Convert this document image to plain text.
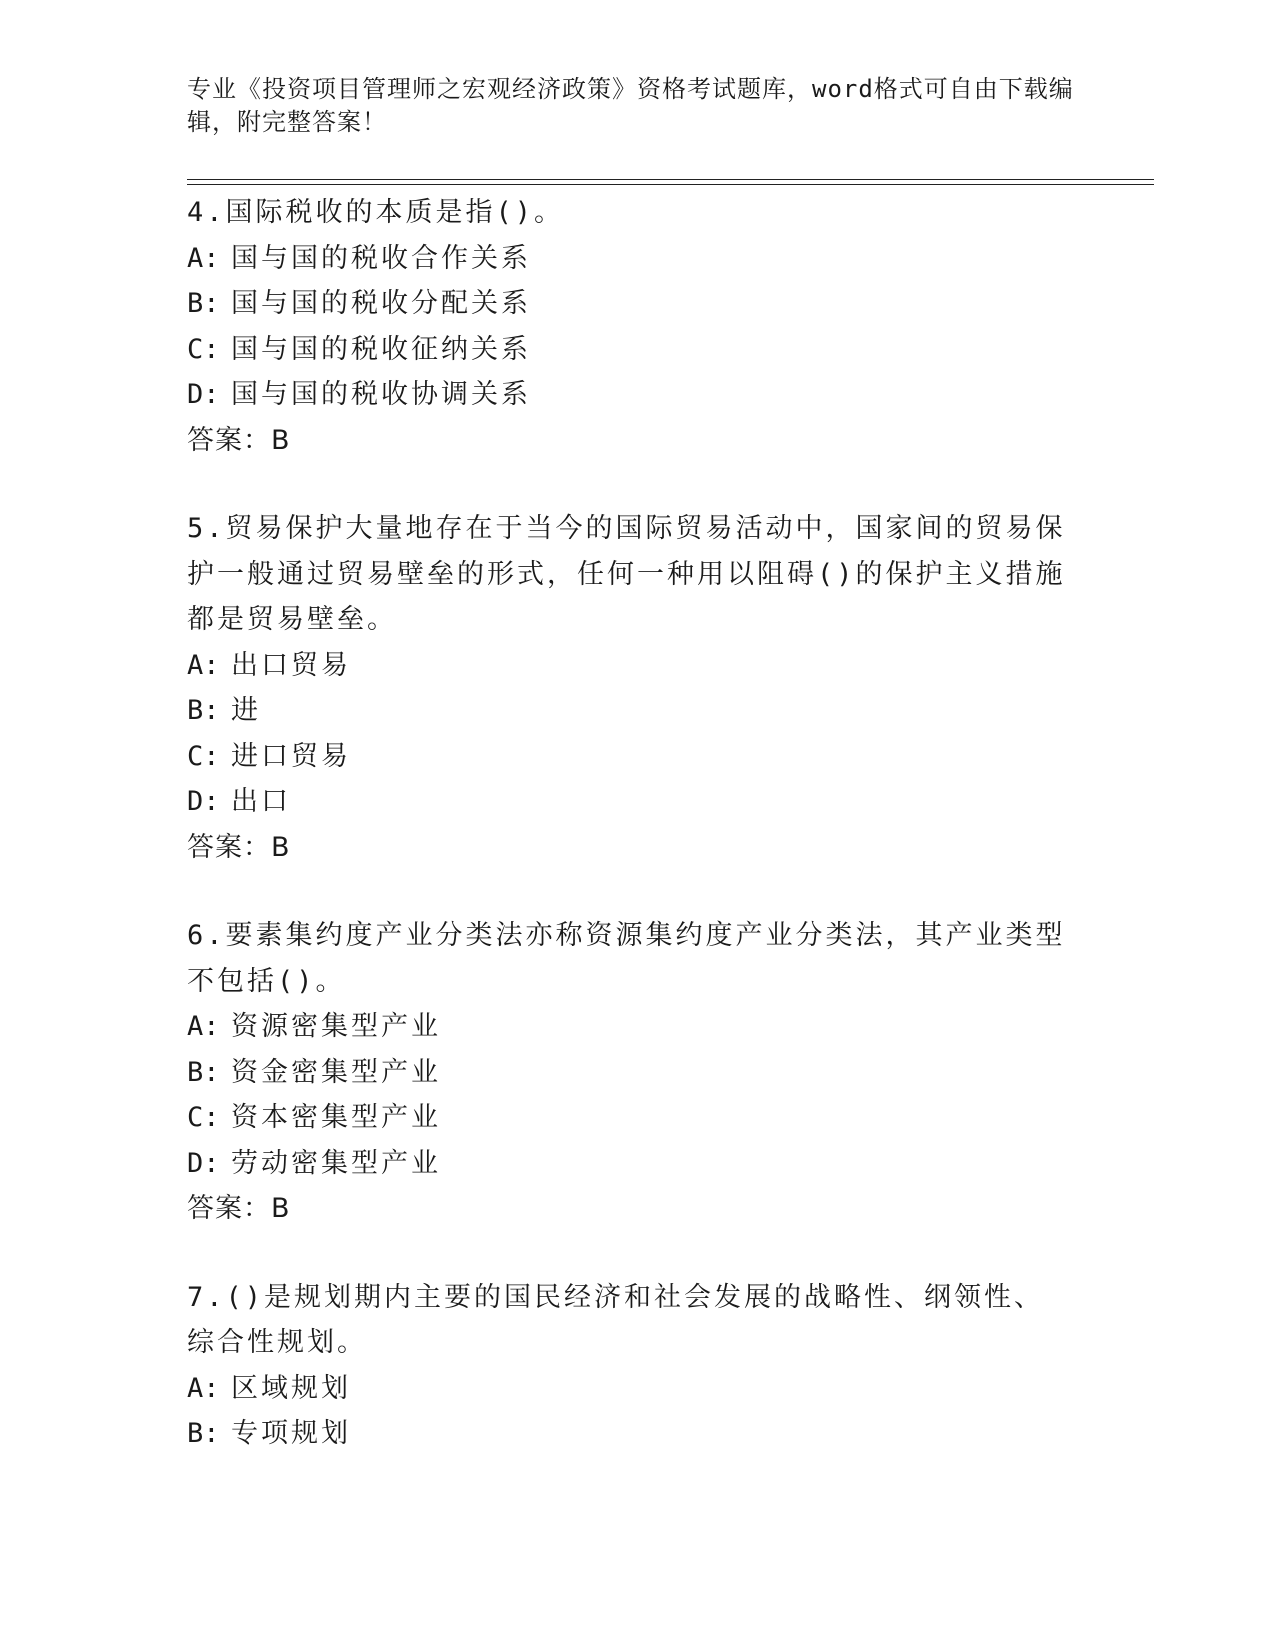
专业《投资项目管理师之宏观经济政策》资格考试题库，word格式可自由下载编辑，附完整答案！
4.国际税收的本质是指()。
A: 国与国的税收合作关系
B: 国与国的税收分配关系
C: 国与国的税收征纳关系
D: 国与国的税收协调关系
答案：B
5.贸易保护大量地存在于当今的国际贸易活动中，国家间的贸易保护一般通过贸易壁垒的形式，任何一种用以阻碍()的保护主义措施都是贸易壁垒。
A: 出口贸易
B: 进
C: 进口贸易
D: 出口
答案：B
6.要素集约度产业分类法亦称资源集约度产业分类法，其产业类型不包括()。
A: 资源密集型产业
B: 资金密集型产业
C: 资本密集型产业
D: 劳动密集型产业
答案：B
7.()是规划期内主要的国民经济和社会发展的战略性、纲领性、综合性规划。
A: 区域规划
B: 专项规划
